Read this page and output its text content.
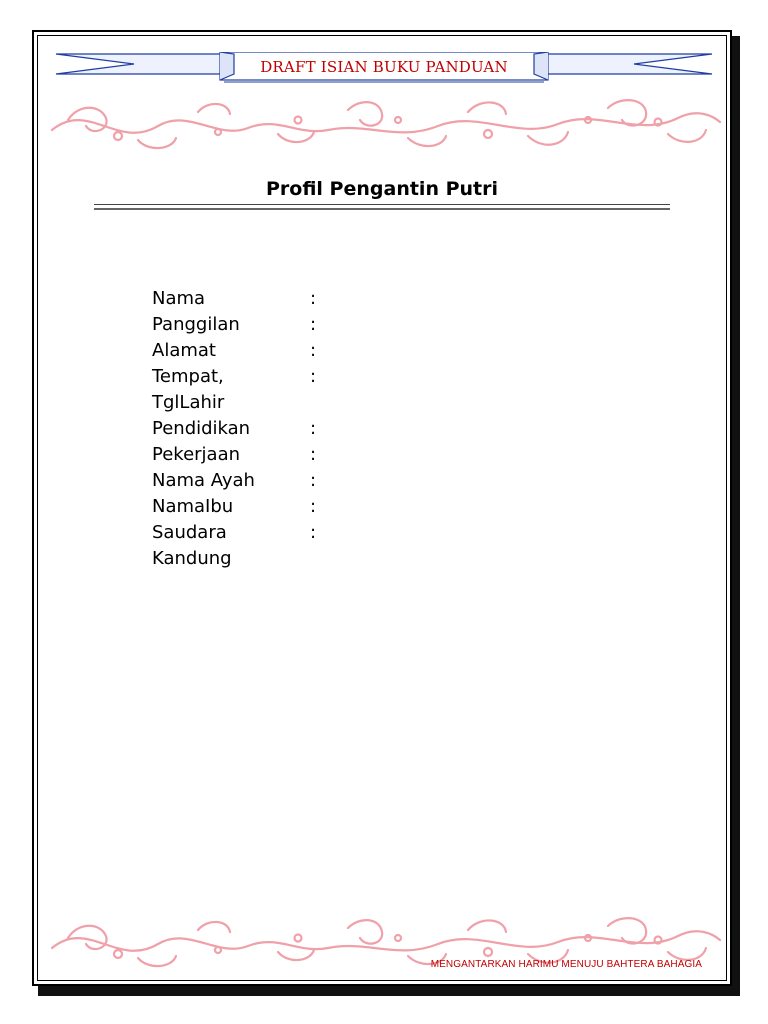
DRAFT ISIAN BUKU PANDUAN
Profil Pengantin Putri
Nama	:
Panggilan	:
Alamat	:
Tempat,
TglLahir:
Pendidikan	:
Pekerjaan	:
Nama Ayah	:
NamaIbu	:
Saudara
Kandung:
MENGANTARKAN HARIMU MENUJU BAHTERA BAHAGIA
